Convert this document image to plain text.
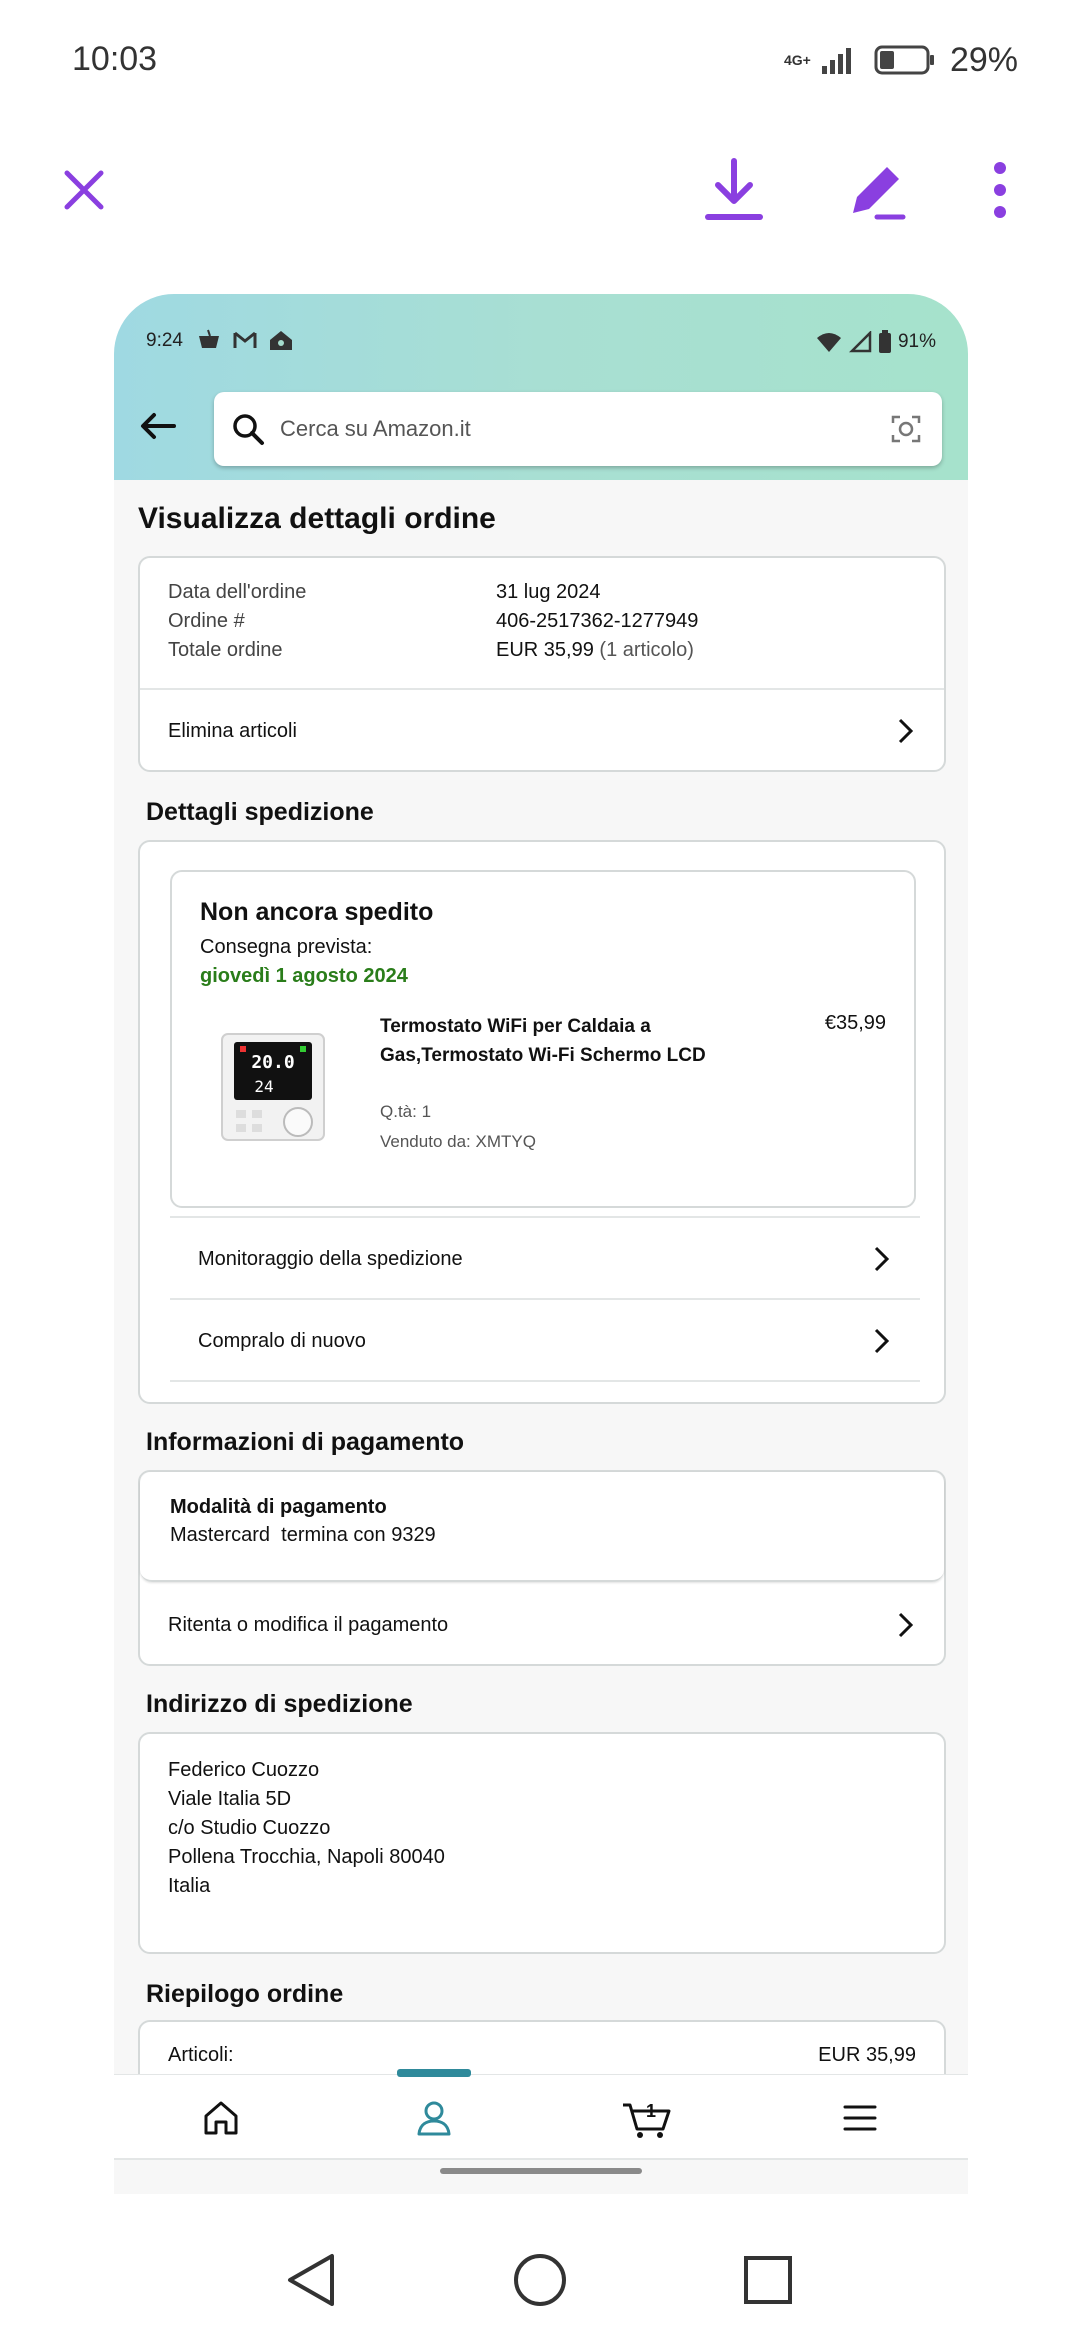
10:03	4G+	29%
9:24	91%
Cerca su Amazon.it
Visualizza dettagli ordine
Data dell'ordine	31 lug 2024
Ordine #	406-2517362-1277949
Totale ordine	EUR 35,99 (1 articolo)
Elimina articoli
Dettagli spedizione
Non ancora spedito
Consegna prevista:
giovedì 1 agosto 2024
20.0
24
Termostato WiFi per Caldaia a Gas,Termostato Wi-Fi Schermo LCD
€35,99
Q.tà: 1
Venduto da: XMTYQ
Monitoraggio della spedizione
Compralo di nuovo
Informazioni di pagamento
Modalità di pagamento
Mastercard  termina con 9329
Ritenta o modifica il pagamento
Indirizzo di spedizione
Federico Cuozzo
Viale Italia 5D
c/o Studio Cuozzo
Pollena Trocchia, Napoli 80040
Italia
Riepilogo ordine
Articoli:	EUR 35,99
1
